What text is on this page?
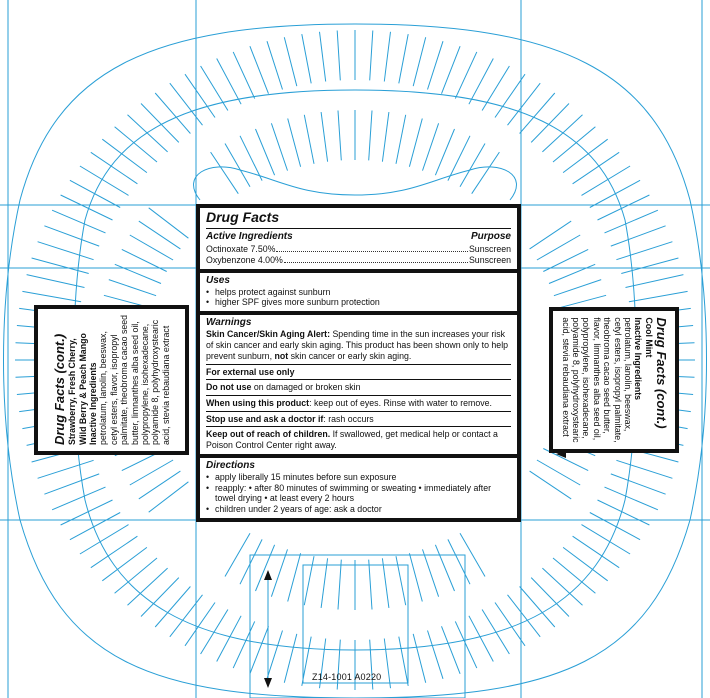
Drug Facts (cont.) Strawberry, Fresh Cherry, Wild Berry & Peach Mango Inactive Ingredients petrolatum, lanolin, beeswax, cetyl esters, flavor, isopropyl palmitate, theobroma cacao seed butter, limnanthes alba seed oil, polypropylene, isohexadecane, polyamide 8, polyhydroxystearic acid, stevia rebaudiana extract	Drug Facts (cont.)
Cool Mint
Inactive Ingredients
petrolatum, lanolin, beeswax,
cetyl esters, isopropyl palmitate,
theobroma cacao seed butter,
flavor, limnanthes alba seed oil,
polypropylene, isohexadecane,
polyamide 8, polyhydroxystearic
acid, stevia rebaudiana extract
Drug Facts
Active Ingredients	Purpose
Octinoxate 7.50%	Sunscreen
Oxybenzone 4.00%	Sunscreen
Uses
• helps protect against sunburn
• higher SPF gives more sunburn protection
Warnings
Skin Cancer/Skin Aging Alert: Spending time in the sun increases your risk of skin cancer and early skin aging. This product has been shown only to help prevent sunburn, not skin cancer or early skin aging.
For external use only
Do not use on damaged or broken skin
When using this product: keep out of eyes. Rinse with water to remove.
Stop use and ask a doctor if: rash occurs
Keep out of reach of children. If swallowed, get medical help or contact a Poison Control Center right away.
Directions
• apply liberally 15 minutes before sun exposure
• reapply: • after 80 minutes of swimming or sweating • immediately after towel drying • at least every 2 hours
• children under 2 years of age: ask a doctor
Z14-1001 A0220
